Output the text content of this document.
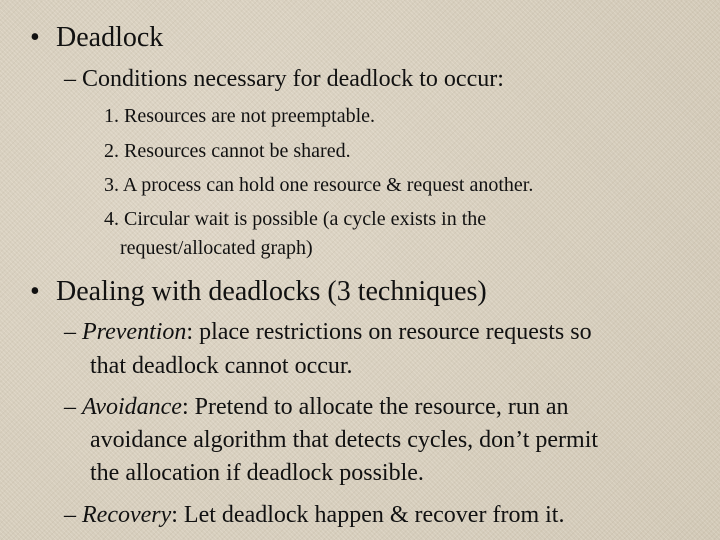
• Deadlock
– Conditions necessary for deadlock to occur:
1. Resources are not preemptable.
2. Resources cannot be shared.
3. A process can hold one resource & request another.
4. Circular wait is possible (a cycle exists in the
request/allocated graph)
• Dealing with deadlocks (3 techniques)
– Prevention: place restrictions on resource requests so
that deadlock cannot occur.
– Avoidance: Pretend to allocate the resource, run an
avoidance algorithm that detects cycles, don’t permit
the allocation if deadlock possible.
– Recovery: Let deadlock happen & recover from it.
